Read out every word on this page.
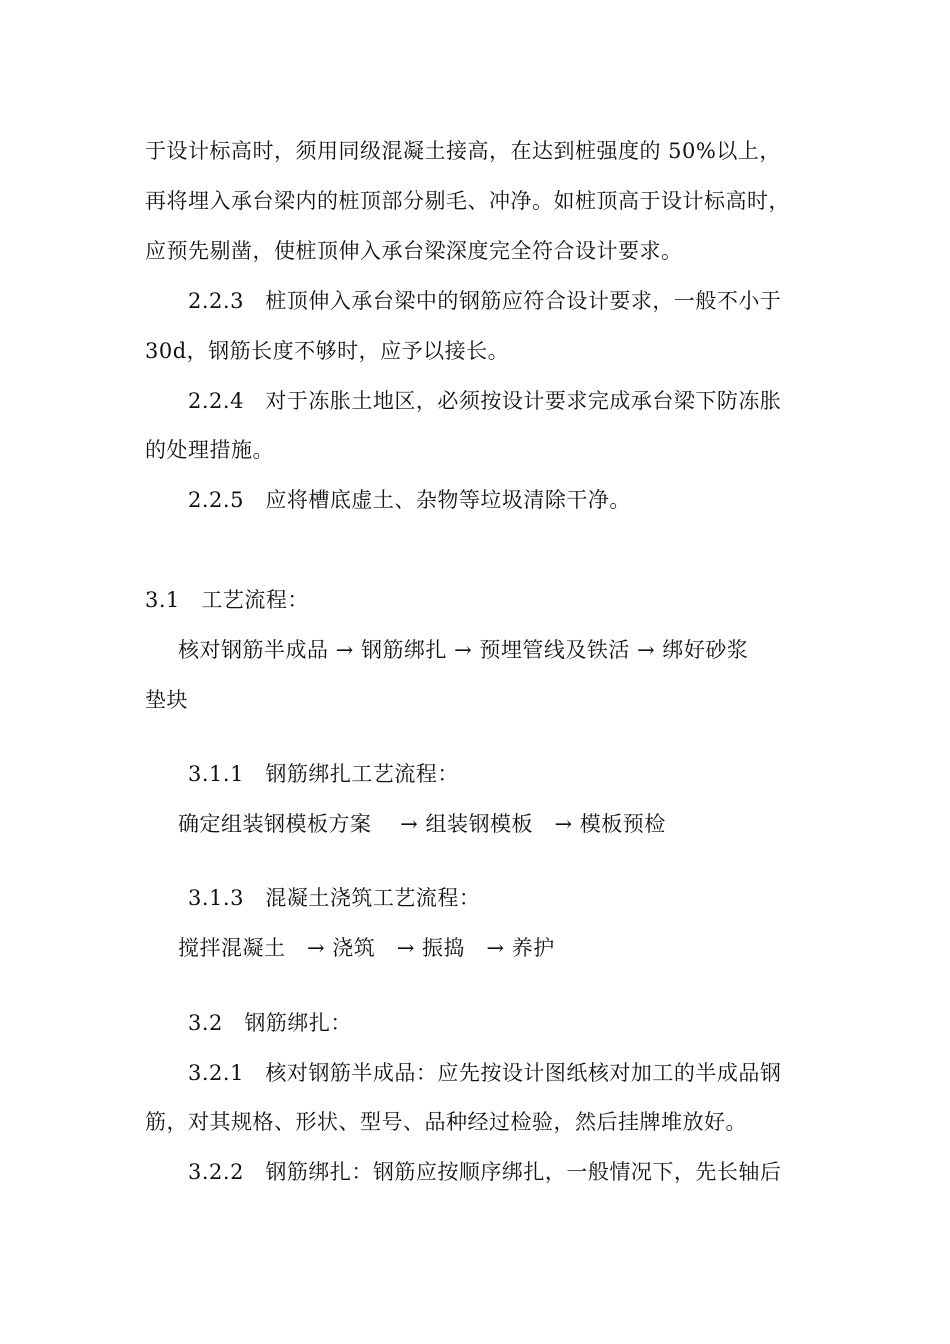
于设计标高时，须用同级混凝土接高，在达到桩强度的 50%以上，
再将埋入承台梁内的桩顶部分剔毛、冲净。如桩顶高于设计标高时，
应预先剔凿，使桩顶伸入承台梁深度完全符合设计要求。
2.2.3　桩顶伸入承台梁中的钢筋应符合设计要求，一般不小于
30d，钢筋长度不够时，应予以接长。
2.2.4　对于冻胀土地区，必须按设计要求完成承台梁下防冻胀
的处理措施。
2.2.5　应将槽底虚土、杂物等垃圾清除干净。
3.1　工艺流程：
核对钢筋半成品 → 钢筋绑扎 → 预埋管线及铁活 → 绑好砂浆
垫块
3.1.1　钢筋绑扎工艺流程：
确定组装钢模板方案　 → 组装钢模板　→ 模板预检
3.1.3　混凝土浇筑工艺流程：
搅拌混凝土　→ 浇筑　→ 振捣　→ 养护
3.2　钢筋绑扎：
3.2.1　核对钢筋半成品：应先按设计图纸核对加工的半成品钢
筋，对其规格、形状、型号、品种经过检验，然后挂牌堆放好。
3.2.2　钢筋绑扎：钢筋应按顺序绑扎，一般情况下，先长轴后
